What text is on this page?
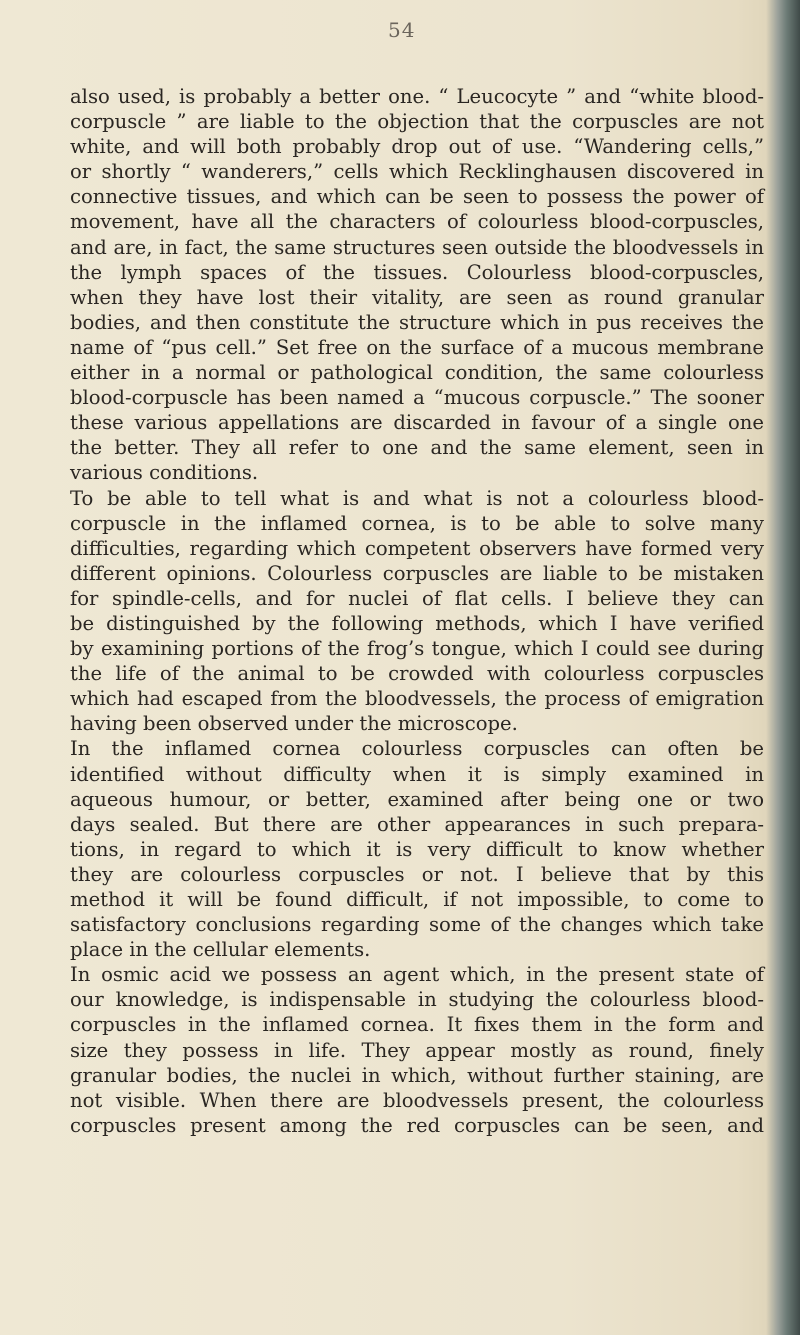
54
also used, is probably a better one. “ Leucocyte ” and “white blood-
corpuscle ” are liable to the objection that the corpuscles are not
white, and will both probably drop out of use. “Wandering cells,”
or shortly “ wanderers,” cells which Recklinghausen discovered in
connective tissues, and which can be seen to possess the power of
movement, have all the characters of colourless blood-corpuscles,
and are, in fact, the same structures seen outside the bloodvessels in
the lymph spaces of the tissues. Colourless blood-corpuscles,
when they have lost their vitality, are seen as round granular
bodies, and then constitute the structure which in pus receives the
name of “pus cell.” Set free on the surface of a mucous membrane
either in a normal or pathological condition, the same colourless
blood-corpuscle has been named a “mucous corpuscle.” The sooner
these various appellations are discarded in favour of a single one
the better. They all refer to one and the same element, seen in
various conditions.
To be able to tell what is and what is not a colourless blood-
corpuscle in the inflamed cornea, is to be able to solve many
difficulties, regarding which competent observers have formed very
different opinions. Colourless corpuscles are liable to be mistaken
for spindle-cells, and for nuclei of flat cells. I believe they can
be distinguished by the following methods, which I have verified
by examining portions of the frog’s tongue, which I could see during
the life of the animal to be crowded with colourless corpuscles
which had escaped from the bloodvessels, the process of emigration
having been observed under the microscope.
In the inflamed cornea colourless corpuscles can often be
identified without difficulty when it is simply examined in
aqueous humour, or better, examined after being one or two
days sealed. But there are other appearances in such prepara-
tions, in regard to which it is very difficult to know whether
they are colourless corpuscles or not. I believe that by this
method it will be found difficult, if not impossible, to come to
satisfactory conclusions regarding some of the changes which take
place in the cellular elements.
In osmic acid we possess an agent which, in the present state of
our knowledge, is indispensable in studying the colourless blood-
corpuscles in the inflamed cornea. It fixes them in the form and
size they possess in life. They appear mostly as round, finely
granular bodies, the nuclei in which, without further staining, are
not visible. When there are bloodvessels present, the colourless
corpuscles present among the red corpuscles can be seen, and
